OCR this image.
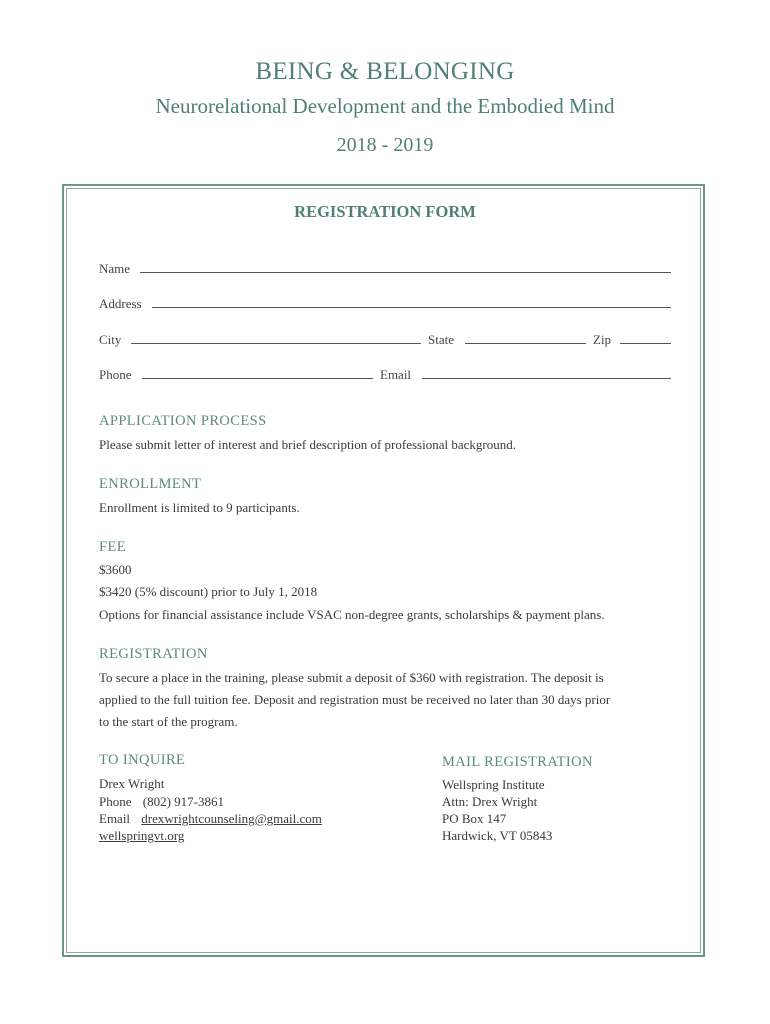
BEING & BELONGING
Neurorelational Development and the Embodied Mind
2018 - 2019
REGISTRATION FORM
Name
Address
City	State	Zip
Phone	Email
APPLICATION PROCESS
Please submit letter of interest and brief description of professional background.
ENROLLMENT
Enrollment is limited to 9 participants.
FEE
$3600
$3420 (5% discount) prior to July 1, 2018
Options for financial assistance include VSAC non-degree grants, scholarships & payment plans.
REGISTRATION
To secure a place in the training, please submit a deposit of $360 with registration. The deposit is
applied to the full tuition fee. Deposit and registration must be received no later than 30 days prior
to the start of the program.
TO INQUIRE
Drex Wright
Phone (802) 917-3861
Email drexwrightcounseling@gmail.com
wellspringvt.org
MAIL REGISTRATION
Wellspring Institute
Attn: Drex Wright
PO Box 147
Hardwick, VT 05843
